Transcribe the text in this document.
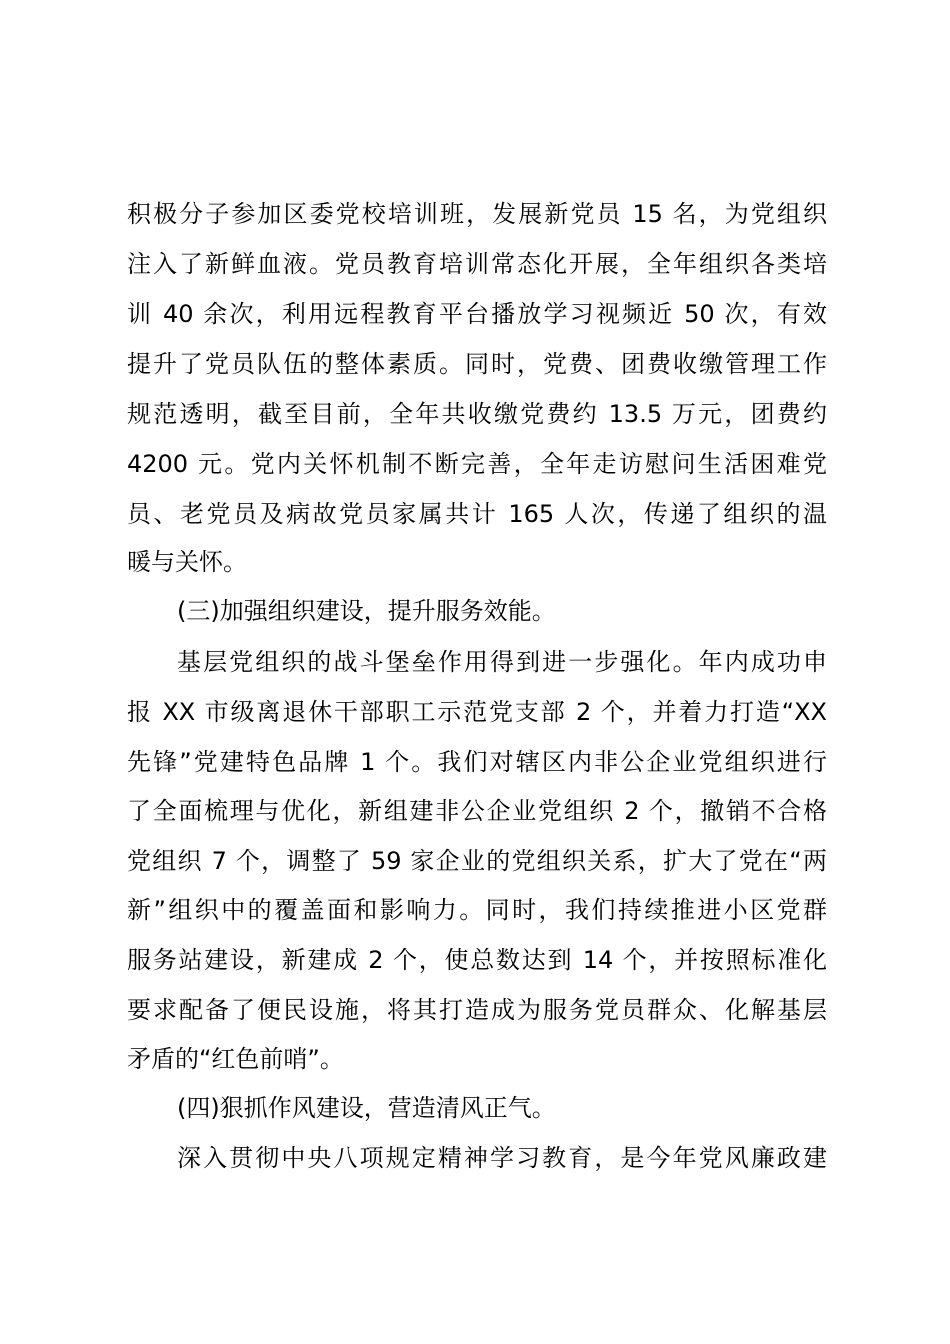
积极分子参加区委党校培训班，发展新党员 15 名，为党组织
注入了新鲜血液。党员教育培训常态化开展，全年组织各类培
训 40 余次，利用远程教育平台播放学习视频近 50 次，有效
提升了党员队伍的整体素质。同时，党费、团费收缴管理工作
规范透明，截至目前，全年共收缴党费约 13.5 万元，团费约
4200 元。党内关怀机制不断完善，全年走访慰问生活困难党
员、老党员及病故党员家属共计 165 人次，传递了组织的温
暖与关怀。
(三)加强组织建设，提升服务效能。
基层党组织的战斗堡垒作用得到进一步强化。年内成功申
报 XX 市级离退休干部职工示范党支部 2 个，并着力打造“XX
先锋”党建特色品牌 1 个。我们对辖区内非公企业党组织进行
了全面梳理与优化，新组建非公企业党组织 2 个，撤销不合格
党组织 7 个，调整了 59 家企业的党组织关系，扩大了党在“两
新”组织中的覆盖面和影响力。同时，我们持续推进小区党群
服务站建设，新建成 2 个，使总数达到 14 个，并按照标准化
要求配备了便民设施，将其打造成为服务党员群众、化解基层
矛盾的“红色前哨”。
(四)狠抓作风建设，营造清风正气。
深入贯彻中央八项规定精神学习教育，是今年党风廉政建
